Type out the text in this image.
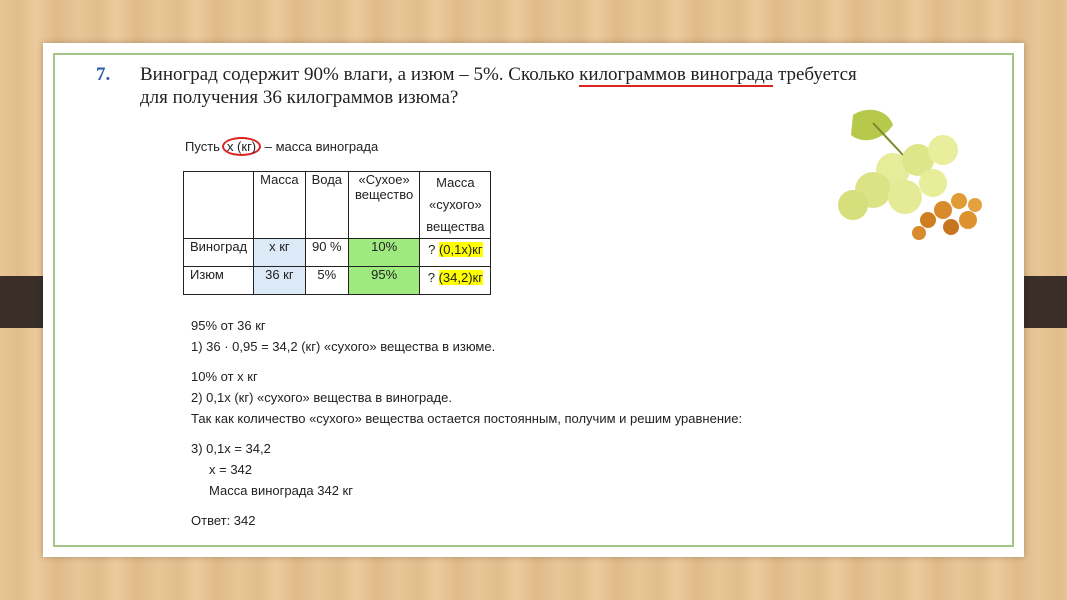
7. Виноград содержит 90% влаги, а изюм – 5%. Сколько килограммов винограда требуется для получения 36 килограммов изюма?
Пусть х (кг) – масса винограда
	Масса	Вода	«Сухое» вещество	Масса «сухого» вещества
Виноград	х кг	90 %	10%	? (0,1х)кг
Изюм	36 кг	5%	95%	? (34,2)кг
95% от 36 кг
1) 36 · 0,95 = 34,2 (кг) «сухого» вещества в изюме.
10% от х кг
2) 0,1х (кг) «сухого» вещества в винограде.
Так как количество «сухого» вещества остается постоянным, получим и решим уравнение:
3) 0,1х = 34,2
х = 342
Масса винограда 342 кг
Ответ: 342
